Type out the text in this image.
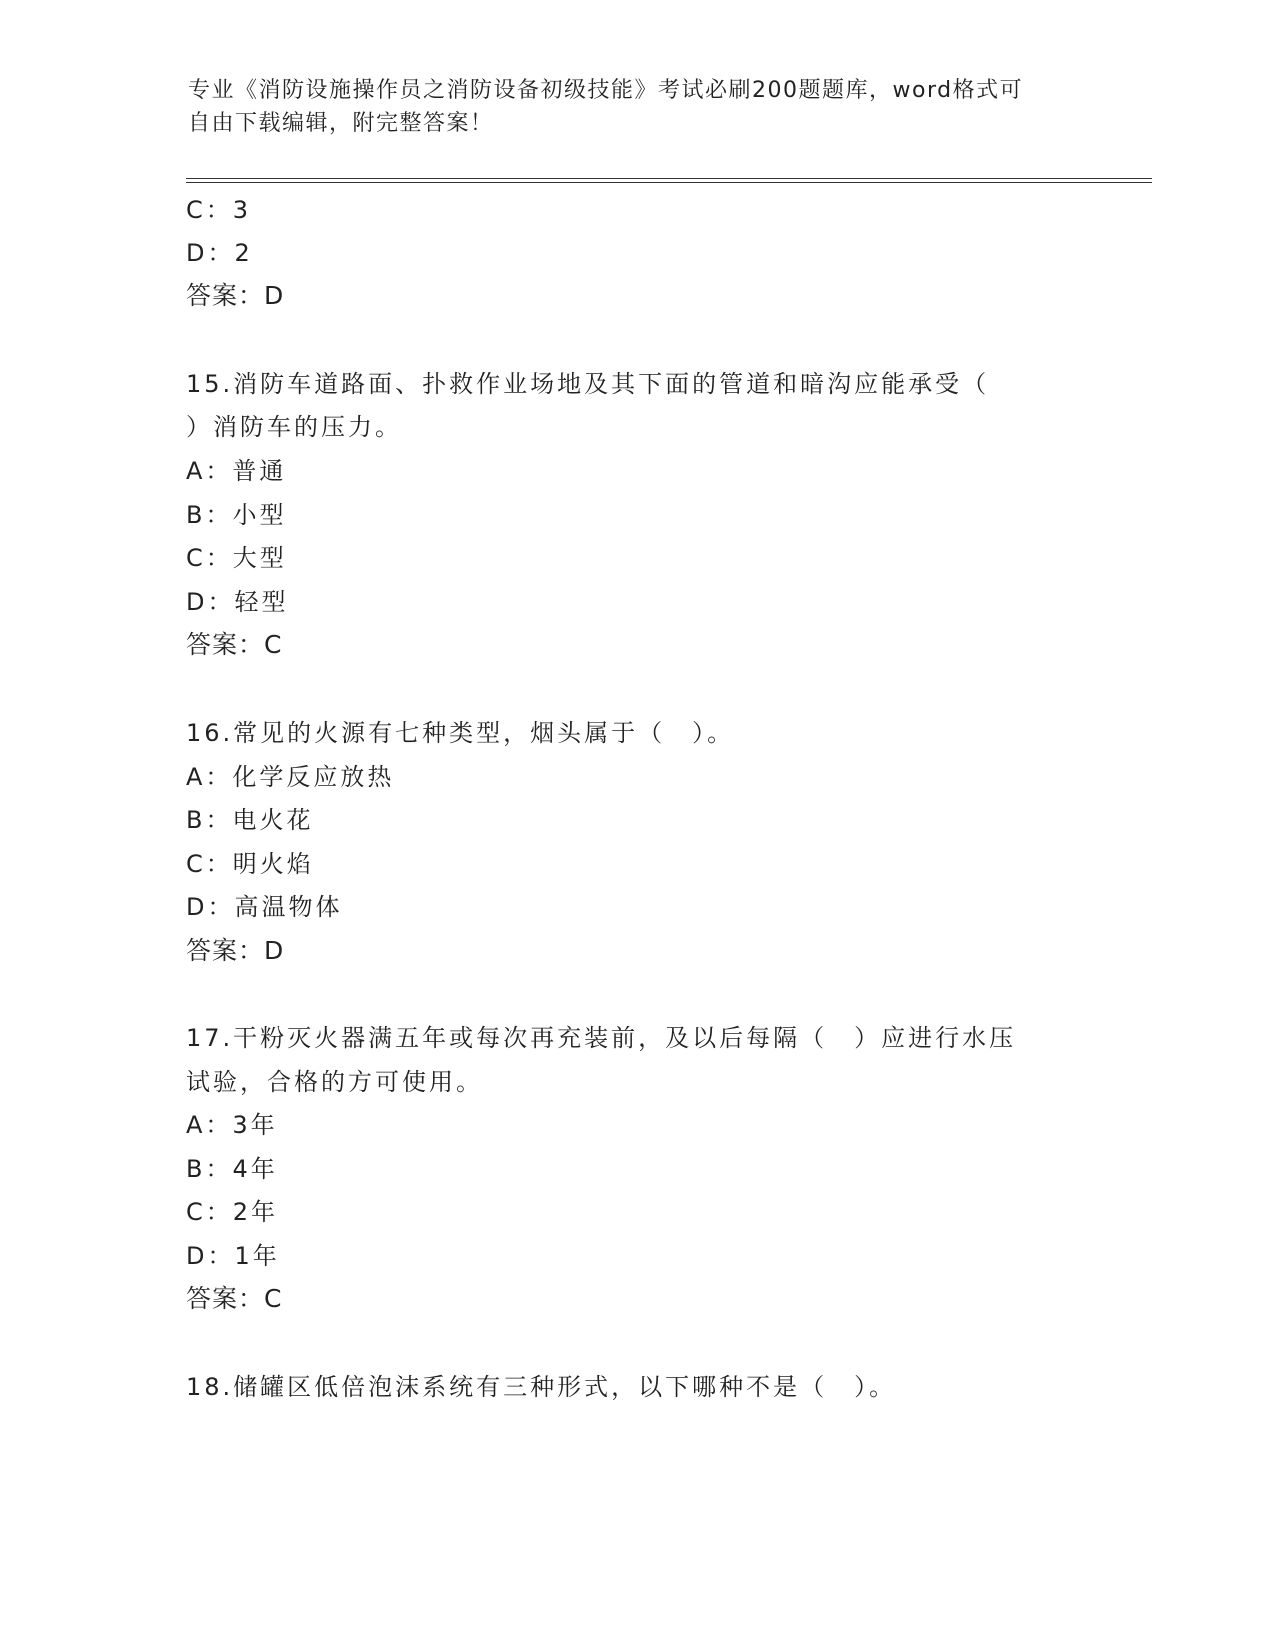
专业《消防设施操作员之消防设备初级技能》考试必刷200题题库，word格式可
自由下载编辑，附完整答案！
C：3
D：2
答案：D
15.消防车道路面、扑救作业场地及其下面的管道和暗沟应能承受（
）消防车的压力。
A：普通
B：小型
C：大型
D：轻型
答案：C
16.常见的火源有七种类型，烟头属于（　）。
A：化学反应放热
B：电火花
C：明火焰
D：高温物体
答案：D
17.干粉灭火器满五年或每次再充装前，及以后每隔（　）应进行水压
试验，合格的方可使用。
A：3年
B：4年
C：2年
D：1年
答案：C
18.储罐区低倍泡沫系统有三种形式，以下哪种不是（　）。
